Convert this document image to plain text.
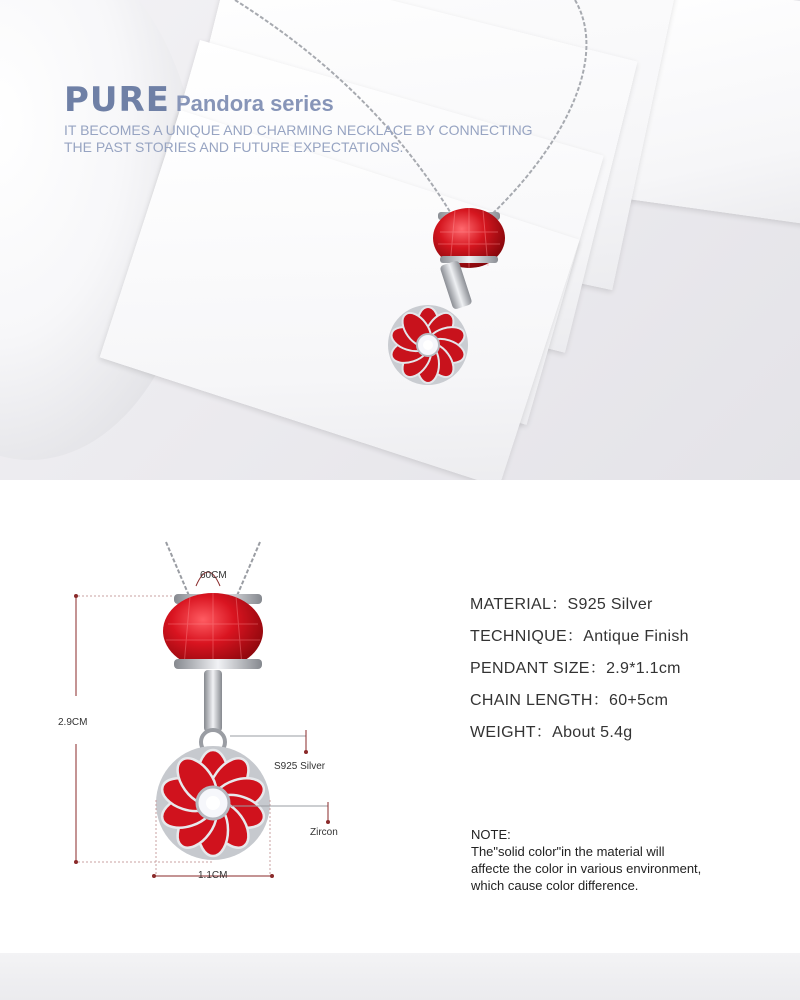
PURE Pandora series

IT BECOMES A UNIQUE AND CHARMING NECKLACE BY CONNECTING
THE PAST STORIES AND FUTURE EXPECTATIONS.

60CM
2.9CM
1.1CM
S925 Silver
Zircon
MATERIAL：S925 Silver
TECHNIQUE：Antique Finish
PENDANT SIZE：2.9*1.1cm
CHAIN LENGTH：60+5cm
WEIGHT：About 5.4g

NOTE:
The"solid color"in the material will
affecte the color in various environment,
which cause color difference.
